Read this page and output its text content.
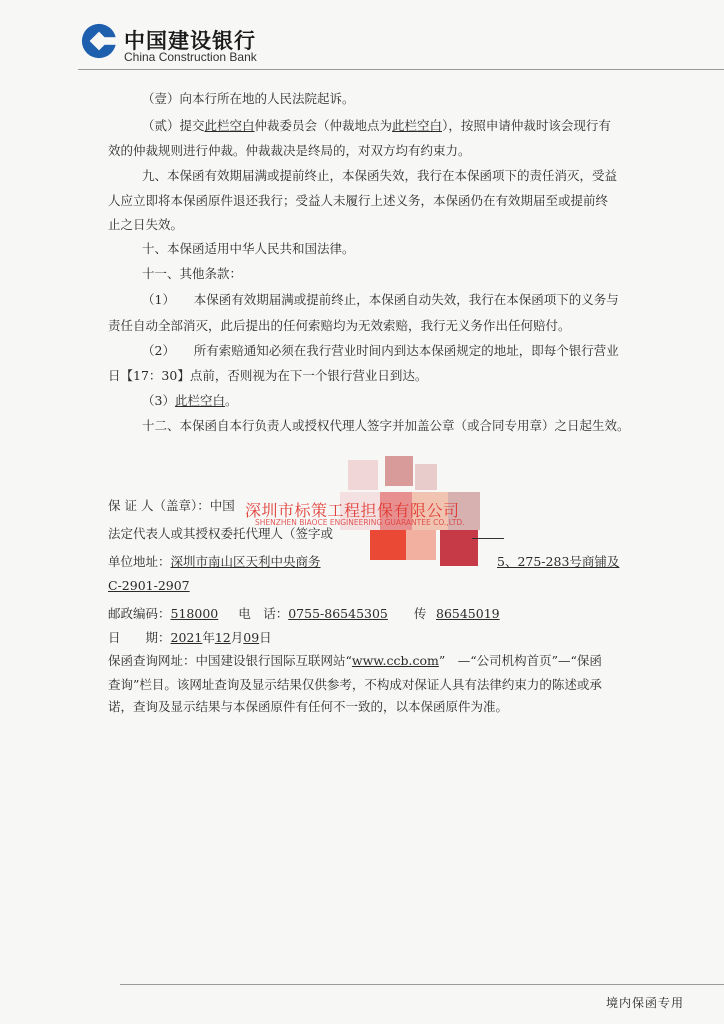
中国建设银行
China Construction Bank
（壹）向本行所在地的人民法院起诉。
（贰）提交此栏空白仲裁委员会（仲裁地点为此栏空白），按照申请仲裁时该会现行有
效的仲裁规则进行仲裁。仲裁裁决是终局的，对双方均有约束力。
九、本保函有效期届满或提前终止，本保函失效，我行在本保函项下的责任消灭，受益
人应立即将本保函原件退还我行；受益人未履行上述义务，本保函仍在有效期届至或提前终
止之日失效。
十、本保函适用中华人民共和国法律。
十一、其他条款：
（1）　　本保函有效期届满或提前终止，本保函自动失效，我行在本保函项下的义务与
责任自动全部消灭，此后提出的任何索赔均为无效索赔，我行无义务作出任何赔付。
（2）　　所有索赔通知必须在我行营业时间内到达本保函规定的地址，即每个银行营业
日【17：30】点前，否则视为在下一个银行营业日到达。
（3）此栏空白。
十二、本保函自本行负责人或授权代理人签字并加盖公章（或合同专用章）之日起生效。
深圳市标策工程担保有限公司
SHENZHEN BIAOCE ENGINEERING GUARANTEE CO.,LTD.
保 证 人（盖章）：中国
法定代表人或其授权委托代理人（签字或
单位地址：深圳市南山区天利中央商务	5、275-283号商铺及
C-2901-2907
邮政编码：518000 电　话：0755-86545305 传 86545019
日　　期：2021年12月09日
保函查询网址：中国建设银行国际互联网站“www.ccb.com”　—“公司机构首页”—“保函
查询”栏目。该网址查询及显示结果仅供参考，不构成对保证人具有法律约束力的陈述或承
诺，查询及显示结果与本保函原件有任何不一致的，以本保函原件为准。
境内保函专用
